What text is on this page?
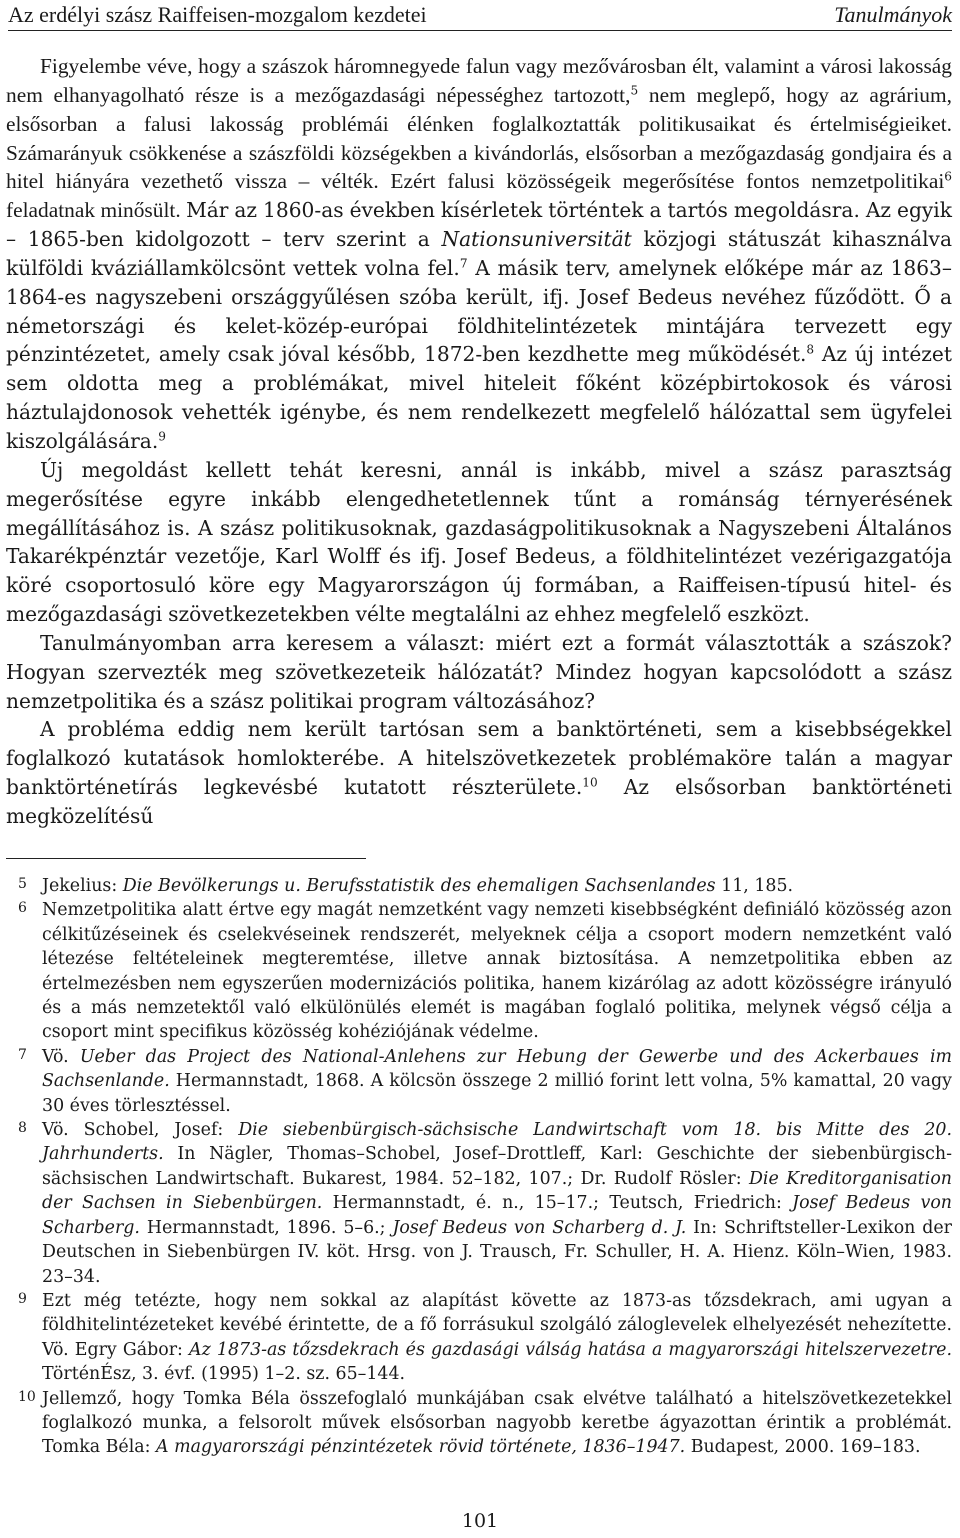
Az erdélyi szász Raiffeisen-mozgalom kezdetei	Tanulmányok

Figyelembe véve, hogy a szászok háromnegyede falun vagy mezővárosban élt, valamint a városi lakosság nem elhanyagolható része is a mezőgazdasági népességhez tartozott,$^5$ nem meglepő, hogy az agrárium, elsősorban a falusi lakosság problémái élénken foglalkoztatták politikusaikat és értelmiségieiket. Számarányuk csökkenése a szászföldi községekben a kivándorlás, elsősorban a mezőgazdaság gondjaira és a hitel hiányára vezethető vissza – vélték. Ezért falusi közösségeik megerősítése fontos nemzetpolitikai$^6$ feladatnak minősült. Már az 1860-as években kísérletek történtek a tartós megoldásra. Az egyik – 1865-ben kidolgozott – terv szerint a Nationsuniversität közjogi státuszát kihasználva külföldi kváziállamkölcsönt vettek volna fel.$^7$ A másik terv, amelynek előképe már az 1863–1864-es nagyszebeni országgyűlésen szóba került, ifj. Josef Bedeus nevéhez fűződött. Ő a németországi és kelet-közép-európai földhitelintézetek mintájára tervezett egy pénzintézetet, amely csak jóval később, 1872-ben kezdhette meg működését.$^8$ Az új intézet sem oldotta meg a problémákat, mivel hiteleit főként középbirtokosok és városi háztulajdonosok vehették igénybe, és nem rendelkezett megfelelő hálózattal sem ügyfelei kiszolgálására.$^9$

Új megoldást kellett tehát keresni, annál is inkább, mivel a szász parasztság megerősítése egyre inkább elengedhetetlennek tűnt a románság térnyerésének megállításához is. A szász politikusoknak, gazdaságpolitikusoknak a Nagyszebeni Általános Takarékpénztár vezetője, Karl Wolff és ifj. Josef Bedeus, a földhitelintézet vezérigazgatója köré csoportosuló köre egy Magyarországon új formában, a Raiffeisen-típusú hitel- és mezőgazdasági szövetkezetekben vélte megtalálni az ehhez megfelelő eszközt.

Tanulmányomban arra keresem a választ: miért ezt a formát választották a szászok? Hogyan szervezték meg szövetkezeteik hálózatát? Mindez hogyan kapcsolódott a szász nemzetpolitika és a szász politikai program változásához?

A probléma eddig nem került tartósan sem a banktörténeti, sem a kisebbségekkel foglalkozó kutatások homlokterébe. A hitelszövetkezetek problémaköre talán a magyar banktörténetírás legkevésbé kutatott részterülete.$^{10}$ Az elsősorban banktörténeti megközelítésű

5 Jekelius: Die Bevölkerungs u. Berufsstatistik des ehemaligen Sachsenlandes 11, 185.
6 Nemzetpolitika alatt értve egy magát nemzetként vagy nemzeti kisebbségként definiáló közösség azon célkitűzéseinek és cselekvéseinek rendszerét, melyeknek célja a csoport modern nemzetként való létezése feltételeinek megteremtése, illetve annak biztosítása. A nemzetpolitika ebben az értelmezésben nem egyszerűen modernizációs politika, hanem kizárólag az adott közösségre irányuló és a más nemzetektől való elkülönülés elemét is magában foglaló politika, melynek végső célja a csoport mint specifikus közösség kohéziójának védelme.
7 Vö. Ueber das Project des National-Anlehens zur Hebung der Gewerbe und des Ackerbaues im Sachsenlande. Hermannstadt, 1868. A kölcsön összege 2 millió forint lett volna, 5% kamattal, 20 vagy 30 éves törlesztéssel.
8 Vö. Schobel, Josef: Die siebenbürgisch-sächsische Landwirtschaft vom 18. bis Mitte des 20. Jahrhunderts. In Nägler, Thomas–Schobel, Josef–Drottleff, Karl: Geschichte der siebenbürgisch-sächsischen Landwirtschaft. Bukarest, 1984. 52–182, 107.; Dr. Rudolf Rösler: Die Kreditorganisation der Sachsen in Siebenbürgen. Hermannstadt, é. n., 15–17.; Teutsch, Friedrich: Josef Bedeus von Scharberg. Hermannstadt, 1896. 5–6.; Josef Bedeus von Scharberg d. J. In: Schriftsteller-Lexikon der Deutschen in Siebenbürgen IV. köt. Hrsg. von J. Trausch, Fr. Schuller, H. A. Hienz. Köln–Wien, 1983. 23–34.
9 Ezt még tetézte, hogy nem sokkal az alapítást követte az 1873-as tőzsdekrach, ami ugyan a földhitelintézeteket kevébé érintette, de a fő forrásukul szolgáló záloglevelek elhelyezését nehezítette. Vö. Egry Gábor: Az 1873-as tőzsdekrach és gazdasági válság hatása a magyarországi hitelszervezetre. TörténÉsz, 3. évf. (1995) 1–2. sz. 65–144.
10 Jellemző, hogy Tomka Béla összefoglaló munkájában csak elvétve található a hitelszövetkezetekkel foglalkozó munka, a felsorolt művek elsősorban nagyobb keretbe ágyazottan érintik a problémát. Tomka Béla: A magyarországi pénzintézetek rövid története, 1836–1947. Budapest, 2000. 169–183.
101
